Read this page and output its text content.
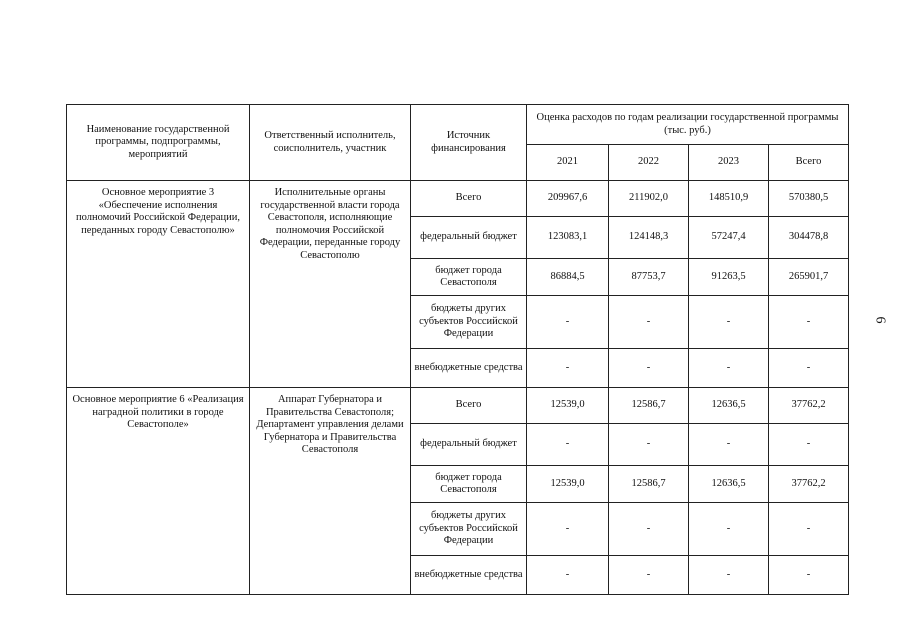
Наименование государственной программы, подпрограммы, мероприятий	Ответственный исполнитель, соисполнитель, участник	Источник финансирования	Оценка расходов по годам реализации государственной программы (тыс. руб.)			
			2021	2022	2023	Всего
Основное мероприятие 3 «Обеспечение исполнения полномочий Российской Федерации, переданных городу Севастополю»	Исполнительные органы государственной власти города Севастополя, исполняющие полномочия Российской Федерации, переданные городу Севастополю	Всего	209967,6	211902,0	148510,9	570380,5
		федеральный бюджет	123083,1	124148,3	57247,4	304478,8
		бюджет города Севастополя	86884,5	87753,7	91263,5	265901,7
		бюджеты других субъектов Российской Федерации	-	-	-	-
		внебюджетные средства	-	-	-	-
Основное мероприятие 6 «Реализация наградной политики в городе Севастополе»	Аппарат Губернатора и Правительства Севастополя; Департамент управления делами Губернатора и Правительства Севастополя	Всего	12539,0	12586,7	12636,5	37762,2
		федеральный бюджет	-	-	-	-
		бюджет города Севастополя	12539,0	12586,7	12636,5	37762,2
		бюджеты других субъектов Российской Федерации	-	-	-	-
		внебюджетные средства	-	-	-	-
6
